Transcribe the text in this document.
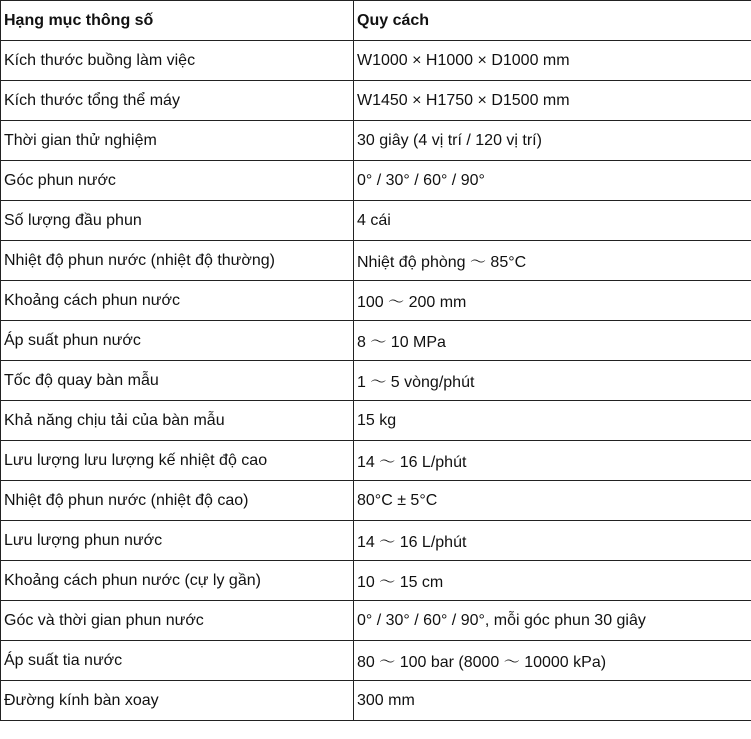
Hạng mục thông số	Quy cách
Kích thước buồng làm việc	W1000 × H1000 × D1000 mm
Kích thước tổng thể máy	W1450 × H1750 × D1500 mm
Thời gian thử nghiệm	30 giây (4 vị trí / 120 vị trí)
Góc phun nước	0° / 30° / 60° / 90°
Số lượng đầu phun	4 cái
Nhiệt độ phun nước (nhiệt độ thường)	Nhiệt độ phòng ～ 85°C
Khoảng cách phun nước	100 ～ 200 mm
Áp suất phun nước	8 ～ 10 MPa
Tốc độ quay bàn mẫu	1 ～ 5 vòng/phút
Khả năng chịu tải của bàn mẫu	15 kg
Lưu lượng lưu lượng kế nhiệt độ cao	14 ～ 16 L/phút
Nhiệt độ phun nước (nhiệt độ cao)	80°C ± 5°C
Lưu lượng phun nước	14 ～ 16 L/phút
Khoảng cách phun nước (cự ly gần)	10 ～ 15 cm
Góc và thời gian phun nước	0° / 30° / 60° / 90°, mỗi góc phun 30 giây
Áp suất tia nước	80 ～ 100 bar (8000 ～ 10000 kPa)
Đường kính bàn xoay	300 mm
